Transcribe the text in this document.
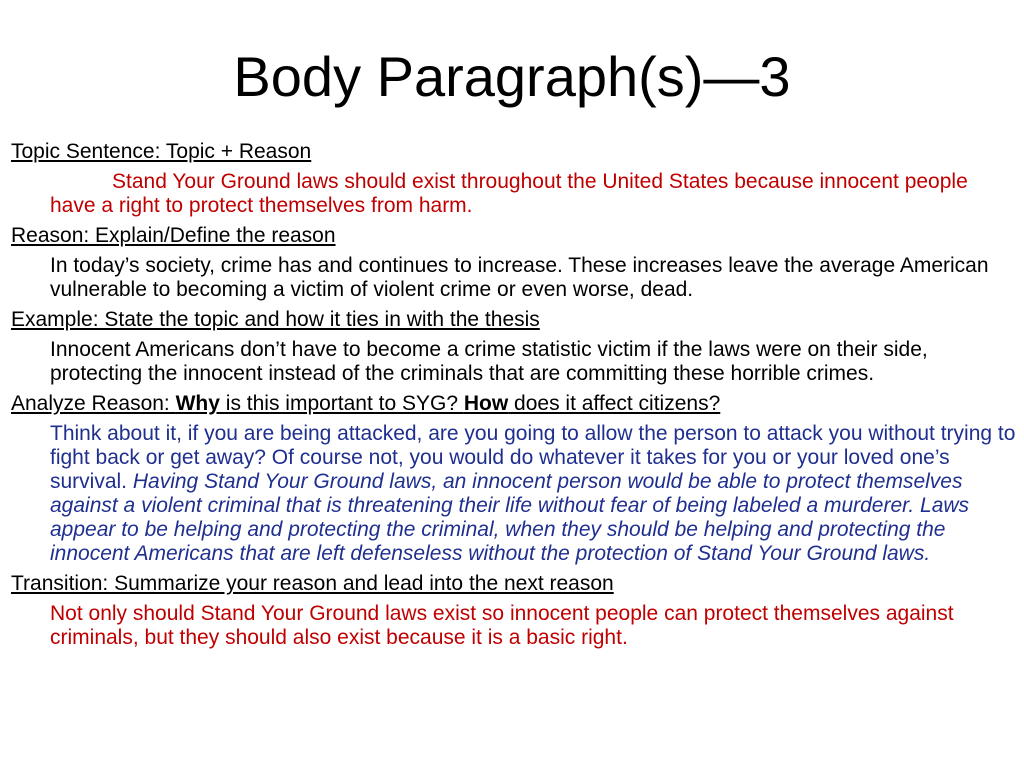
Body Paragraph(s)—3

Topic Sentence: Topic + Reason

Stand Your Ground laws should exist throughout the United States because innocent people have a right to protect themselves from harm.

Reason: Explain/Define the reason

In today’s society, crime has and continues to increase. These increases leave the average American vulnerable to becoming a victim of violent crime or even worse, dead.

Example: State the topic and how it ties in with the thesis

Innocent Americans don’t have to become a crime statistic victim if the laws were on their side, protecting the innocent instead of the criminals that are committing these horrible crimes.

Analyze Reason: Why is this important to SYG? How does it affect citizens?

Think about it, if you are being attacked, are you going to allow the person to attack you without trying to fight back or get away? Of course not, you would do whatever it takes for you or your loved one’s survival. Having Stand Your Ground laws, an innocent person would be able to protect themselves against a violent criminal that is threatening their life without fear of being labeled a murderer. Laws appear to be helping and protecting the criminal, when they should be helping and protecting the innocent Americans that are left defenseless without the protection of Stand Your Ground laws.

Transition: Summarize your reason and lead into the next reason

Not only should Stand Your Ground laws exist so innocent people can protect themselves against criminals, but they should also exist because it is a basic right.
